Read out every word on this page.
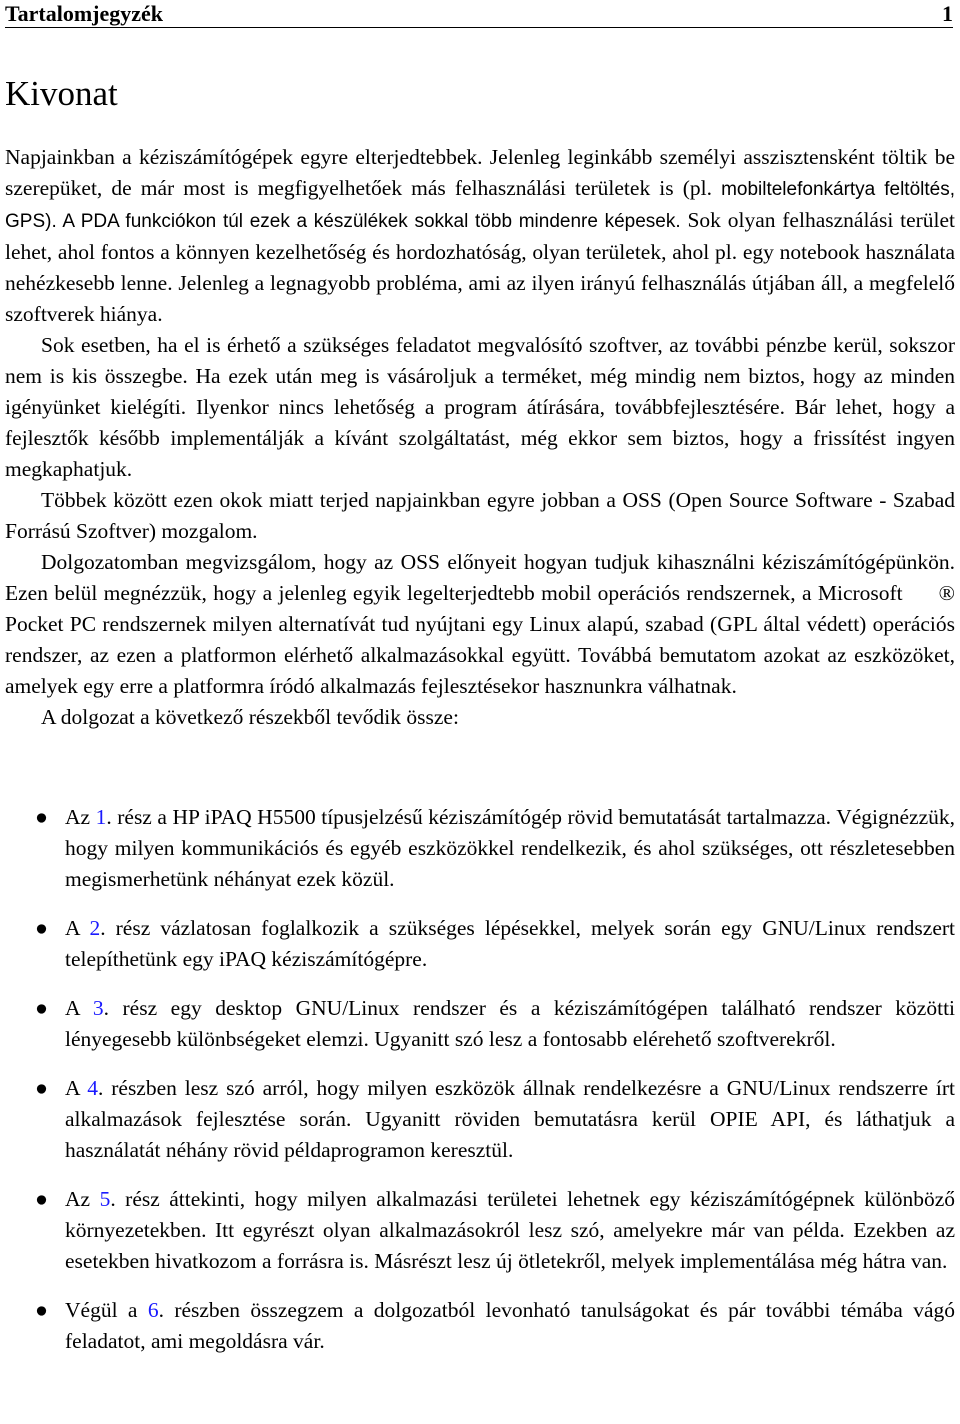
Tartalomjegyzék	1
Kivonat

Napjainkban a kéziszámítógépek egyre elterjedtebbek. Jelenleg leginkább személyi asszisztensként töltik be szerepüket, de már most is megfigyelhetőek más felhasználási területek is (pl. mobiltelefonkártya feltöltés, GPS). A PDA funkciókon túl ezek a készülékek sokkal több mindenre képesek. Sok olyan felhasználási terület lehet, ahol fontos a könnyen kezelhetőség és hordozhatóság, olyan területek, ahol pl. egy notebook használata nehézkesebb lenne. Jelenleg a legnagyobb probléma, ami az ilyen irányú felhasználás útjában áll, a megfelelő szoftverek hiánya.

Sok esetben, ha el is érhető a szükséges feladatot megvalósító szoftver, az további pénzbe kerül, sokszor nem is kis összegbe. Ha ezek után meg is vásároljuk a terméket, még mindig nem biztos, hogy az minden igényünket kielégíti. Ilyenkor nincs lehetőség a program átírására, továbbfejlesztésére. Bár lehet, hogy a fejlesztők később implementálják a kívánt szolgáltatást, még ekkor sem biztos, hogy a frissítést ingyen megkaphatjuk.

Többek között ezen okok miatt terjed napjainkban egyre jobban a OSS (Open Source Software - Szabad Forrású Szoftver) mozgalom.

Dolgozatomban megvizsgálom, hogy az OSS előnyeit hogyan tudjuk kihasználni kéziszámítógépünkön. Ezen belül megnézzük, hogy a jelenleg egyik legelterjedtebb mobil operációs rendszernek, a Microsoft ® Pocket PC rendszernek milyen alternatívát tud nyújtani egy Linux alapú, szabad (GPL által védett) operációs rendszer, az ezen a platformon elérhető alkalmazásokkal együtt. Továbbá bemutatom azokat az eszközöket, amelyek egy erre a platformra íródó alkalmazás fejlesztésekor hasznunkra válhatnak.

A dolgozat a következő részekből tevődik össze:

● Az 1. rész a HP iPAQ H5500 típusjelzésű kéziszámítógép rövid bemutatását tartalmazza. Végignézzük, hogy milyen kommunikációs és egyéb eszközökkel rendelkezik, és ahol szükséges, ott részletesebben megismerhetünk néhányat ezek közül.
● A 2. rész vázlatosan foglalkozik a szükséges lépésekkel, melyek során egy GNU/Linux rendszert telepíthetünk egy iPAQ kéziszámítógépre.
● A 3. rész egy desktop GNU/Linux rendszer és a kéziszámítógépen található rendszer közötti lényegesebb különbségeket elemzi. Ugyanitt szó lesz a fontosabb elérehető szoftverekről.
● A 4. részben lesz szó arról, hogy milyen eszközök állnak rendelkezésre a GNU/Linux rendszerre írt alkalmazások fejlesztése során. Ugyanitt röviden bemutatásra kerül OPIE API, és láthatjuk a használatát néhány rövid példaprogramon keresztül.
● Az 5. rész áttekinti, hogy milyen alkalmazási területei lehetnek egy kéziszámítógépnek különböző környezetekben. Itt egyrészt olyan alkalmazásokról lesz szó, amelyekre már van példa. Ezekben az esetekben hivatkozom a forrásra is. Másrészt lesz új ötletekről, melyek implementálása még hátra van.
● Végül a 6. részben összegzem a dolgozatból levonható tanulságokat és pár további témába vágó feladatot, ami megoldásra vár.
